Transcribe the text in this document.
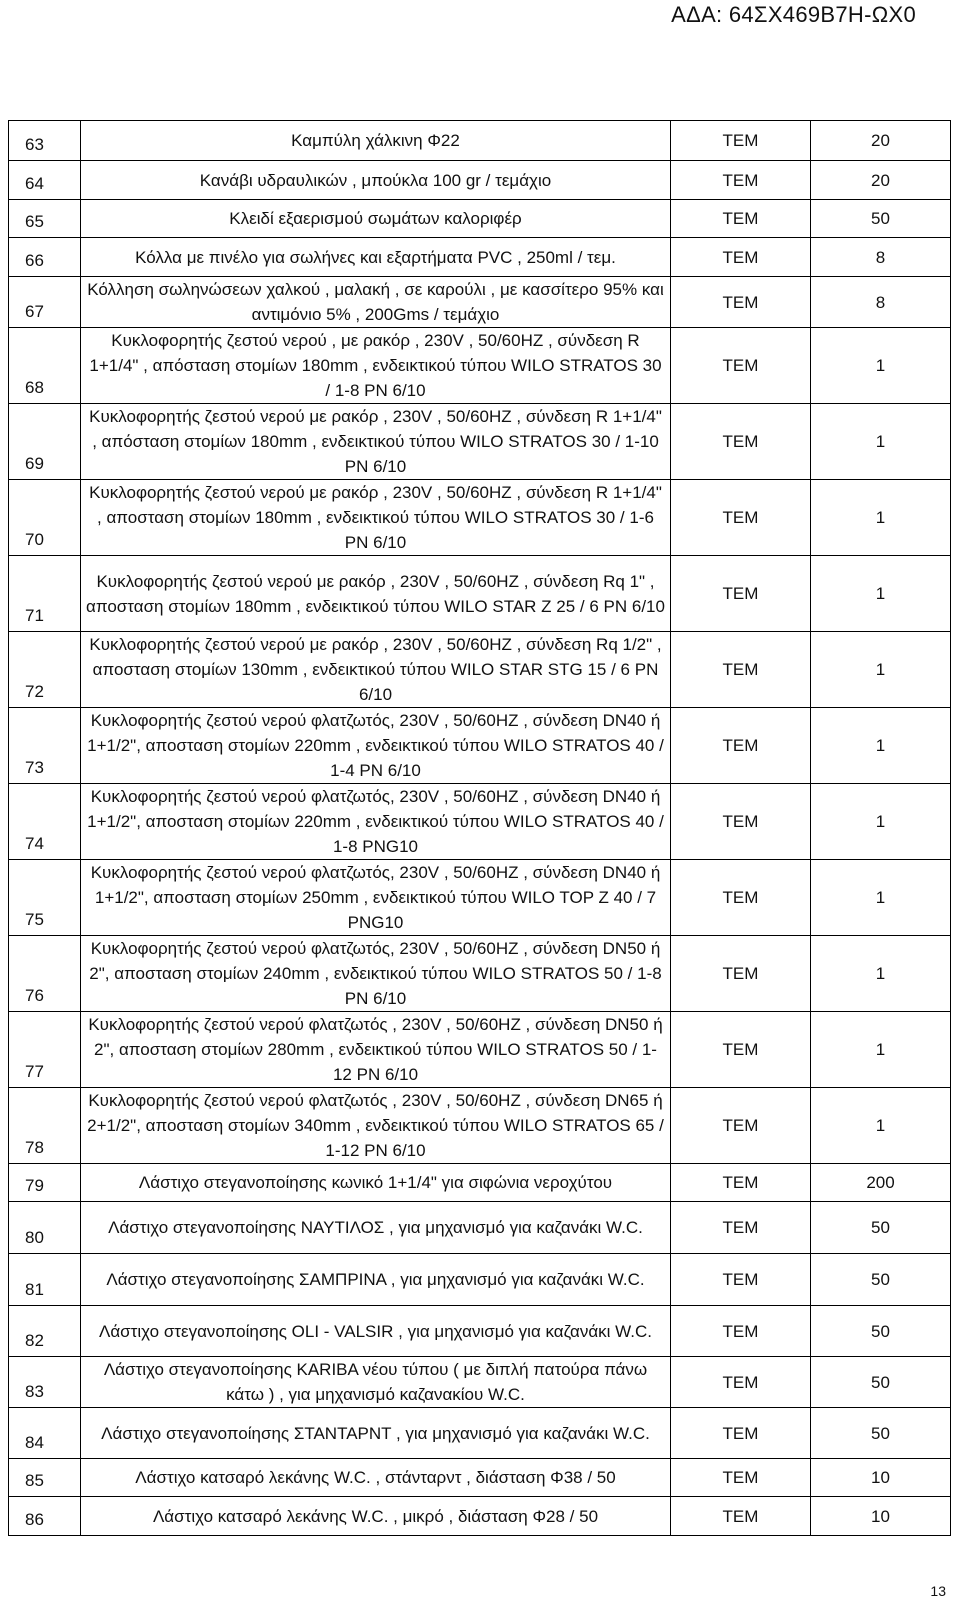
ΑΔΑ: 64ΣΧ469Β7Η-ΩΧ0
63	Καμπύλη χάλκινη Φ22	ΤΕΜ	20
64	Κανάβι υδραυλικών , μπούκλα 100 gr / τεμάχιο	ΤΕΜ	20
65	Κλειδί εξαερισμού σωμάτων καλοριφέρ	ΤΕΜ	50
66	Κόλλα με πινέλο για σωλήνες και εξαρτήματα PVC , 250ml / τεμ.	ΤΕΜ	8
67	Κόλληση σωληνώσεων χαλκού , μαλακή , σε καρούλι , με κασσίτερο 95% και αντιμόνιο 5% , 200Gms / τεμάχιο	ΤΕΜ	8
68	Κυκλοφορητής ζεστού νερού , με ρακόρ , 230V , 50/60HZ , σύνδεση R 1+1/4" , απόσταση στομίων 180mm , ενδεικτικού τύπου WILO STRATOS 30 / 1-8 PN 6/10	ΤΕΜ	1
69	Κυκλοφορητής ζεστού νερού με ρακόρ , 230V , 50/60HZ , σύνδεση R 1+1/4" , απόσταση στομίων 180mm , ενδεικτικού τύπου WILO STRATOS 30 / 1-10 PN 6/10	ΤΕΜ	1
70	Κυκλοφορητής ζεστού νερού με ρακόρ , 230V , 50/60HZ , σύνδεση R 1+1/4" , αποσταση στομίων 180mm , ενδεικτικού τύπου WILO STRATOS 30 / 1-6 PN 6/10	ΤΕΜ	1
71	Κυκλοφορητής ζεστού νερού με ρακόρ , 230V , 50/60HZ , σύνδεση Rq 1" , αποσταση στομίων 180mm , ενδεικτικού τύπου WILO STAR Z 25 / 6 PN 6/10	ΤΕΜ	1
72	Κυκλοφορητής ζεστού νερού με ρακόρ , 230V , 50/60HZ , σύνδεση Rq 1/2" , αποσταση στομίων 130mm , ενδεικτικού τύπου WILO STAR STG 15 / 6 PN 6/10	ΤΕΜ	1
73	Κυκλοφορητής ζεστού νερού φλατζωτός, 230V , 50/60HZ , σύνδεση DN40 ή 1+1/2", αποσταση στομίων 220mm , ενδεικτικού τύπου WILO STRATOS 40 / 1-4 PN 6/10	ΤΕΜ	1
74	Κυκλοφορητής ζεστού νερού φλατζωτός, 230V , 50/60HZ , σύνδεση DN40 ή 1+1/2", αποσταση στομίων 220mm , ενδεικτικού τύπου WILO STRATOS 40 / 1-8 PNG10	ΤΕΜ	1
75	Κυκλοφορητής ζεστού νερού φλατζωτός, 230V , 50/60HZ , σύνδεση DN40 ή 1+1/2", αποσταση στομίων 250mm , ενδεικτικού τύπου WILO TOP Z 40 / 7 PNG10	ΤΕΜ	1
76	Κυκλοφορητής ζεστού νερού φλατζωτός, 230V , 50/60HZ , σύνδεση DN50 ή 2", αποσταση στομίων 240mm , ενδεικτικού τύπου WILO STRATOS 50 / 1-8 PN 6/10	ΤΕΜ	1
77	Κυκλοφορητής ζεστού νερού φλατζωτός , 230V , 50/60HZ , σύνδεση DN50 ή 2", αποσταση στομίων 280mm , ενδεικτικού τύπου WILO STRATOS 50 / 1-12 PN 6/10	ΤΕΜ	1
78	Κυκλοφορητής ζεστού νερού φλατζωτός , 230V , 50/60HZ , σύνδεση DN65 ή 2+1/2", αποσταση στομίων 340mm , ενδεικτικού τύπου WILO STRATOS 65 / 1-12 PN 6/10	ΤΕΜ	1
79	Λάστιχο στεγανοποίησης κωνικό 1+1/4" για σιφώνια νεροχύτου	ΤΕΜ	200
80	Λάστιχο στεγανοποίησης ΝΑΥΤΙΛΟΣ , για μηχανισμό για καζανάκι W.C.	ΤΕΜ	50
81	Λάστιχο στεγανοποίησης ΣΑΜΠΡΙΝΑ , για μηχανισμό για καζανάκι W.C.	ΤΕΜ	50
82	Λάστιχο στεγανοποίησης OLI - VALSIR , για μηχανισμό για καζανάκι W.C.	ΤΕΜ	50
83	Λάστιχο στεγανοποίησης KARIBA νέου τύπου ( με διπλή πατούρα πάνω κάτω ) , για μηχανισμό καζανακίου W.C.	ΤΕΜ	50
84	Λάστιχο στεγανοποίησης ΣΤΑΝΤΑΡΝΤ , για μηχανισμό για καζανάκι W.C.	ΤΕΜ	50
85	Λάστιχο κατσαρό λεκάνης W.C. , στάνταρντ , διάσταση Φ38 / 50	ΤΕΜ	10
86	Λάστιχο κατσαρό λεκάνης W.C. , μικρό , διάσταση Φ28 / 50	ΤΕΜ	10
13
